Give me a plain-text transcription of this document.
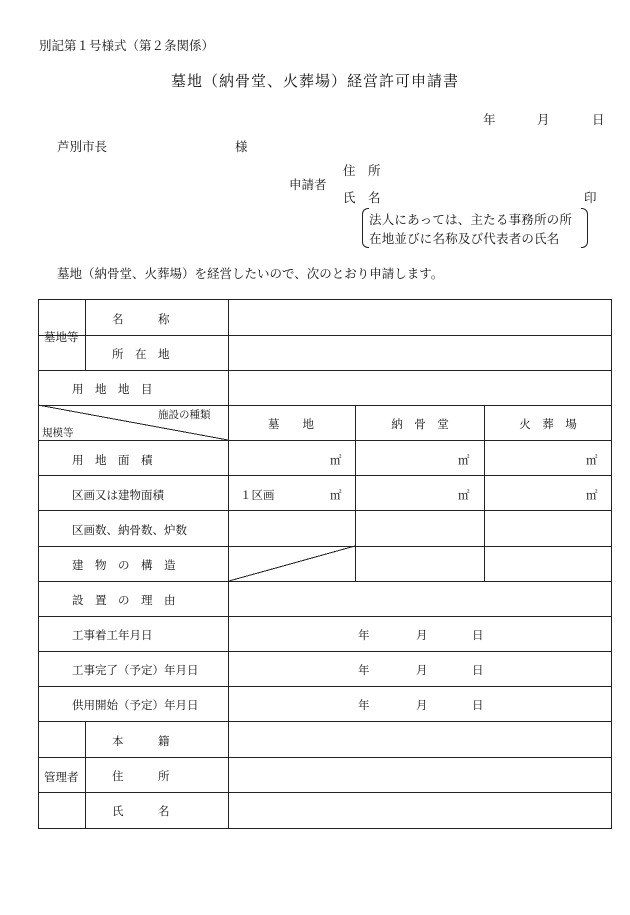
別記第１号様式（第２条関係）
墓地（納骨堂、火葬場）経営許可申請書
年	月	日
芦別市長	様
申請者
住　所
氏　名	印
法人にあっては、主たる事務所の所
在地並びに名称及び代表者の氏名
墓地（納骨堂、火葬場）を経営したいので、次のとおり申請します。
墓地等
名　　　称
所　在　地
用　地　地　目
施設の種類
規模等
墓　　地	納　骨　堂	火　葬　場
用　地　面　積	㎡	㎡	㎡
区画又は建物面積	１区画	㎡	㎡	㎡
区画数、納骨数、炉数
建　物　の　構　造
設　置　の　理　由
工事着工年月日	年	月	日
工事完了（予定）年月日	年	月	日
供用開始（予定）年月日	年	月	日
管理者
本　　　籍
住　　　所
氏　　　名
